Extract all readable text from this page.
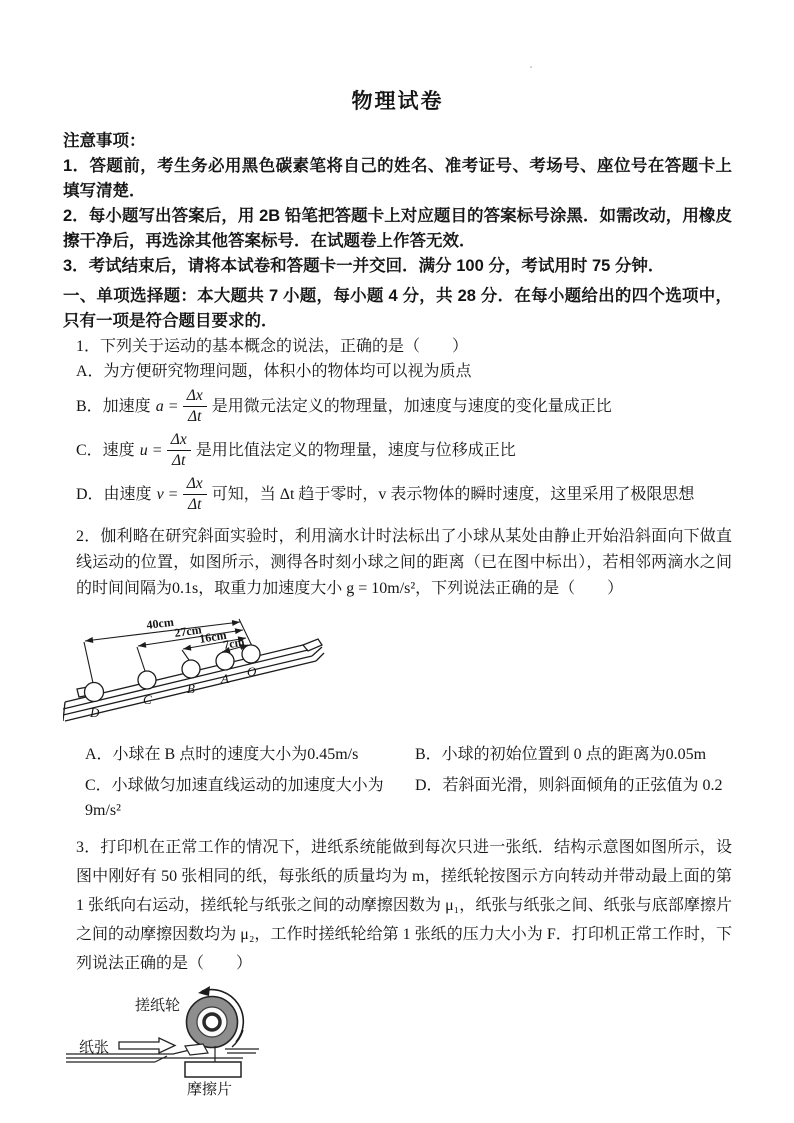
物理试卷

注意事项：

1．答题前，考生务必用黑色碳素笔将自己的姓名、准考证号、考场号、座位号在答题卡上填写清楚．

2．每小题写出答案后，用 2B 铅笔把答题卡上对应题目的答案标号涂黑．如需改动，用橡皮擦干净后，再选涂其他答案标号．在试题卷上作答无效．

3．考试结束后，请将本试卷和答题卡一并交回．满分 100 分，考试用时 75 分钟．

一、单项选择题：本大题共 7 小题，每小题 4 分，共 28 分．在每小题给出的四个选项中，只有一项是符合题目要求的．

1．下列关于运动的基本概念的说法，正确的是（　　）

A．为方便研究物理问题，体积小的物体均可以视为质点

B．加速度 $a = \frac{\Delta x}{\Delta t}$ 是用微元法定义的物理量，加速度与速度的变化量成正比
C．速度 $u = \frac{\Delta x}{\Delta t}$ 是用比值法定义的物理量，速度与位移成正比
D．由速度 $v = \frac{\Delta x}{\Delta t}$ 可知，当 Δt 趋于零时，v 表示物体的瞬时速度，这里采用了极限思想

2．伽利略在研究斜面实验时，利用滴水计时法标出了小球从某处由静止开始沿斜面向下做直线运动的位置，如图所示，测得各时刻小球之间的距离（已在图中标出），若相邻两滴水之间的时间间隔为0.1s，取重力加速度大小 g = 10m/s²，下列说法正确的是（　　）

40cm
27cm
16cm
7cm
D
C
B
A O
A．小球在 B 点时的速度大小为0.45m/s	B．小球的初始位置到 0 点的距离为0.05m
C．小球做匀加速直线运动的加速度大小为9m/s²
D．若斜面光滑，则斜面倾角的正弦值为 0.2

3．打印机在正常工作的情况下，进纸系统能做到每次只进一张纸．结构示意图如图所示，设图中刚好有 50 张相同的纸，每张纸的质量均为 m，搓纸轮按图示方向转动并带动最上面的第 1 张纸向右运动，搓纸轮与纸张之间的动摩擦因数为 μ₁，纸张与纸张之间、纸张与底部摩擦片之间的动摩擦因数均为 μ₂，工作时搓纸轮给第 1 张纸的压力大小为 F．打印机正常工作时，下列说法正确的是（　　）

搓纸轮
纸张
摩擦片
